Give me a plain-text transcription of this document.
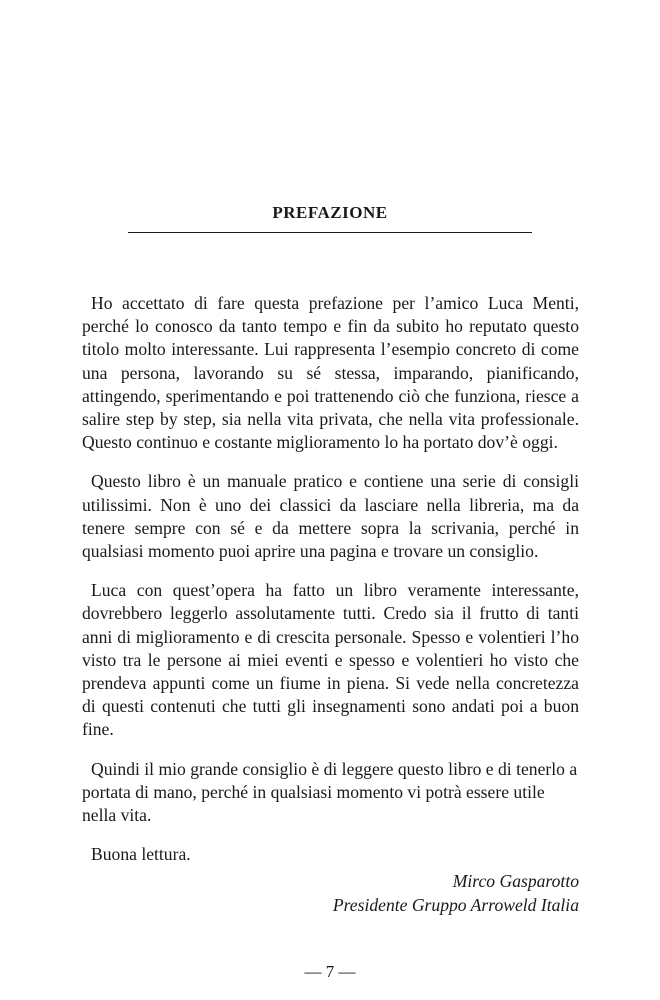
PREFAZIONE

Ho accettato di fare questa prefazione per l’amico Luca Menti, perché lo conosco da tanto tempo e fin da subito ho reputato questo titolo molto interessante. Lui rappresenta l’esempio concreto di come una persona, lavorando su sé stessa, imparando, pianificando, attingendo, sperimentando e poi trattenendo ciò che funziona, riesce a salire step by step, sia nella vita privata, che nella vita professionale. Questo continuo e costante miglioramento lo ha portato dov’è oggi.

Questo libro è un manuale pratico e contiene una serie di consigli utilissimi. Non è uno dei classici da lasciare nella libreria, ma da tenere sempre con sé e da mettere sopra la scrivania, perché in qualsiasi momento puoi aprire una pagina e trovare un consiglio.

Luca con quest’opera ha fatto un libro veramente interessante, dovrebbero leggerlo assolutamente tutti. Credo sia il frutto di tanti anni di miglioramento e di crescita personale. Spesso e volentieri l’ho visto tra le persone ai miei eventi e spesso e volentieri ho visto che prendeva appunti come un fiume in piena. Si vede nella concretezza di questi contenuti che tutti gli insegnamenti sono andati poi a buon fine.

Quindi il mio grande consiglio è di leggere questo libro e di tenerlo a portata di mano, perché in qualsiasi momento vi potrà essere utile nella vita.

Buona lettura.

Mirco Gasparotto

Presidente Gruppo Arroweld Italia

— 7 —
